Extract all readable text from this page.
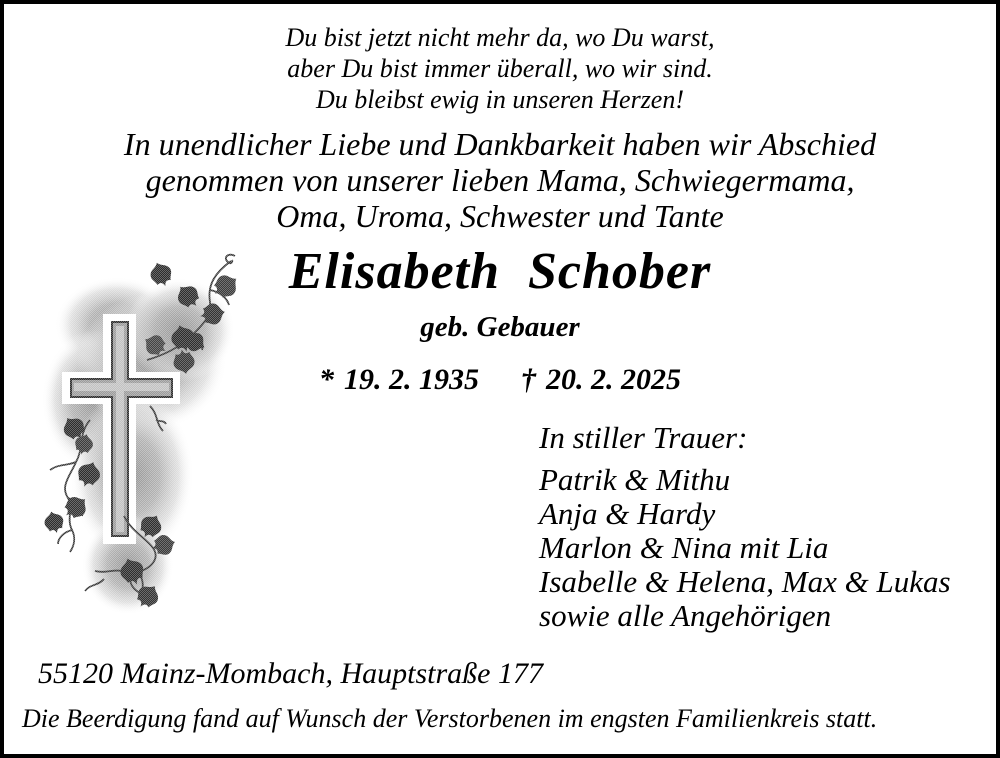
Du bist jetzt nicht mehr da, wo Du warst,
aber Du bist immer überall, wo wir sind.
Du bleibst ewig in unseren Herzen!
In unendlicher Liebe und Dankbarkeit haben wir Abschied
genommen von unserer lieben Mama, Schwiegermama,
Oma, Uroma, Schwester und Tante
Elisabeth Schober
geb. Gebauer
* 19. 2. 1935 † 20. 2. 2025
In stiller Trauer:
Patrik & Mithu
Anja & Hardy
Marlon & Nina mit Lia
Isabelle & Helena, Max & Lukas
sowie alle Angehörigen
55120 Mainz-Mombach, Hauptstraße 177
Die Beerdigung fand auf Wunsch der Verstorbenen im engsten Familienkreis statt.
